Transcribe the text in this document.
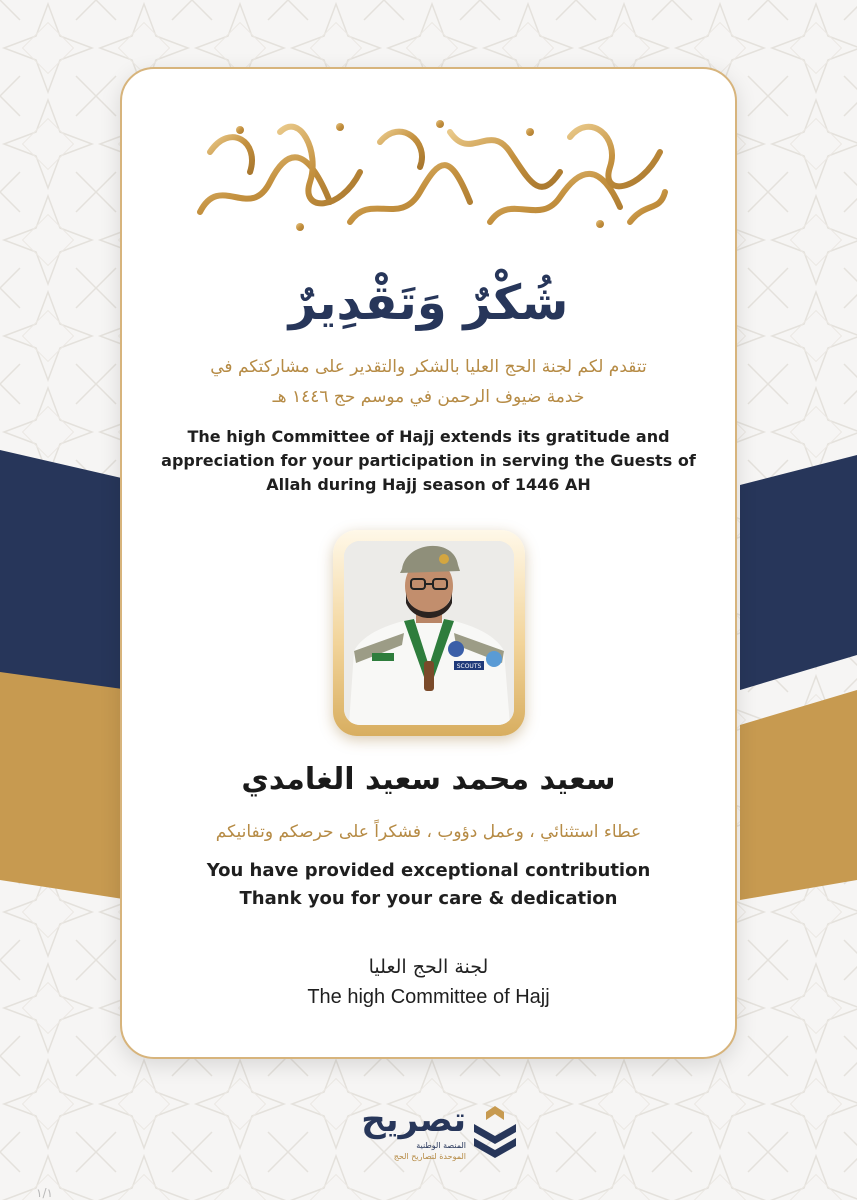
شُكْرٌ وَتَقْدِيرٌ
تتقدم لكم لجنة الحج العليا بالشكر والتقدير على مشاركتكم في
خدمة ضيوف الرحمن في موسم حج ١٤٤٦ هـ
The high Committee of Hajj extends its gratitude and
appreciation for your participation in serving the Guests of
Allah during Hajj season of 1446 AH
SCOUTS
سعيد محمد سعيد الغامدي
عطاء استثنائي ، وعمل دؤوب ، فشكراً على حرصكم وتفانيكم
You have provided exceptional contribution
Thank you for your care & dedication
لجنة الحج العليا
The high Committee of Hajj
تصريح
المنصة الوطنية
الموحدة لتصاريح الحج
١/١
